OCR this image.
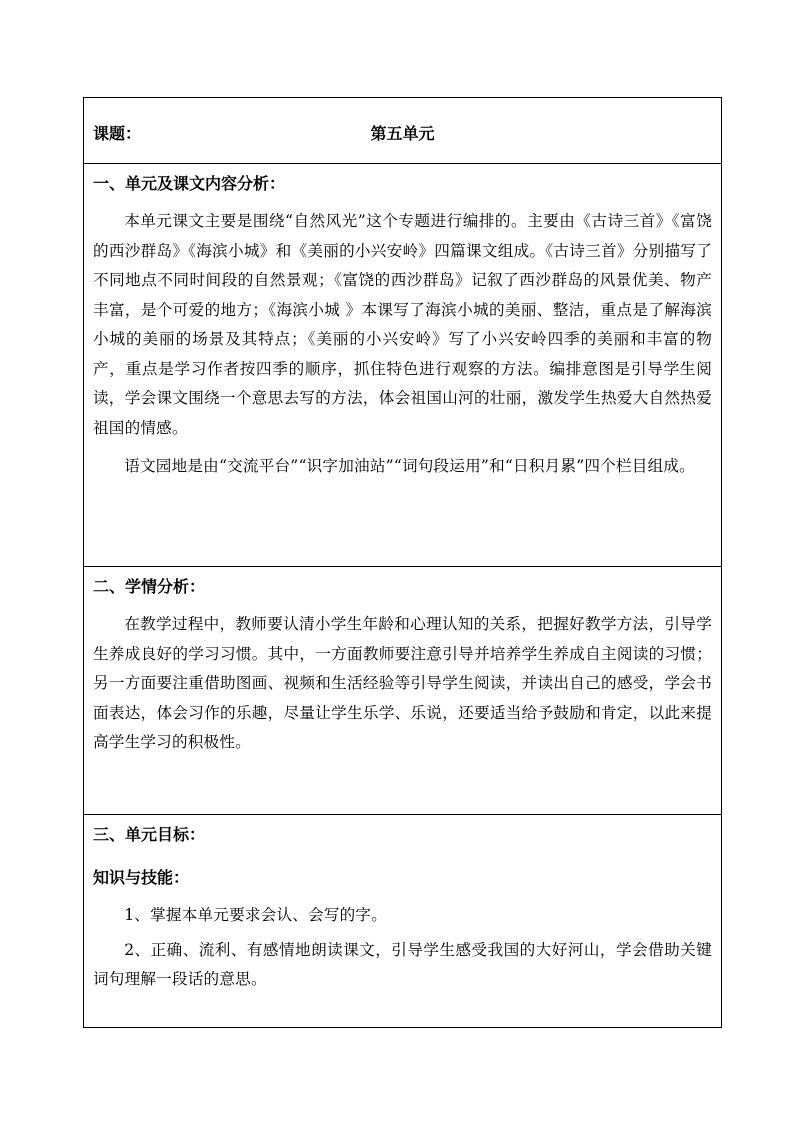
课题：	第五单元
一、单元及课文内容分析：

本单元课文主要是围绕“自然风光”这个专题进行编排的。主要由《古诗三首》《富饶的西沙群岛》《海滨小城》和《美丽的小兴安岭》四篇课文组成。《古诗三首》分别描写了不同地点不同时间段的自然景观；《富饶的西沙群岛》记叙了西沙群岛的风景优美、物产丰富，是个可爱的地方；《海滨小城 》本课写了海滨小城的美丽、整洁，重点是了解海滨小城的美丽的场景及其特点；《美丽的小兴安岭》写了小兴安岭四季的美丽和丰富的物产，重点是学习作者按四季的顺序，抓住特色进行观察的方法。编排意图是引导学生阅读，学会课文围绕一个意思去写的方法，体会祖国山河的壮丽，激发学生热爱大自然热爱祖国的情感。

语文园地是由“交流平台”“识字加油站”“词句段运用”和“日积月累”四个栏目组成。

二、学情分析：

在教学过程中，教师要认清小学生年龄和心理认知的关系，把握好教学方法，引导学生养成良好的学习习惯。其中，一方面教师要注意引导并培养学生养成自主阅读的习惯；另一方面要注重借助图画、视频和生活经验等引导学生阅读，并读出自己的感受，学会书面表达，体会习作的乐趣，尽量让学生乐学、乐说，还要适当给予鼓励和肯定，以此来提高学生学习的积极性。

三、单元目标：
知识与技能：

1、掌握本单元要求会认、会写的字。

2、正确、流利、有感情地朗读课文，引导学生感受我国的大好河山，学会借助关键词句理解一段话的意思。
